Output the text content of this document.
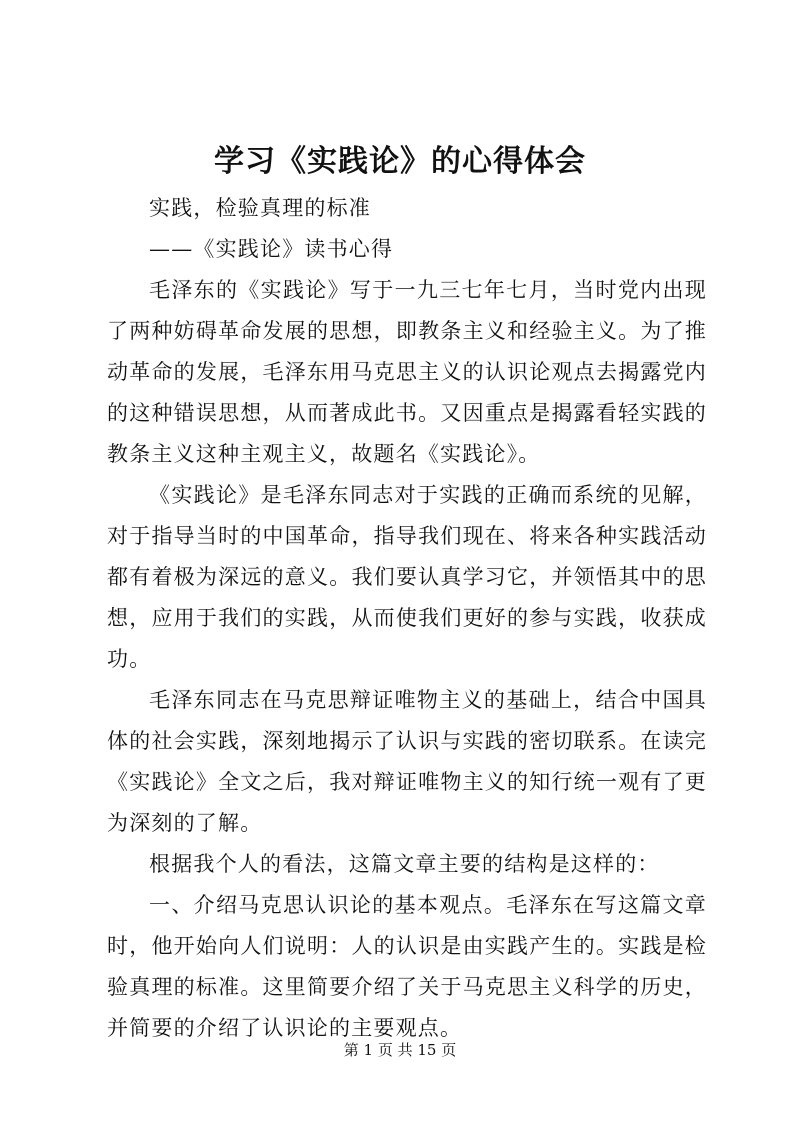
学习《实践论》的心得体会

实践，检验真理的标准

——《实践论》读书心得

毛泽东的《实践论》写于一九三七年七月，当时党内出现了两种妨碍革命发展的思想，即教条主义和经验主义。为了推动革命的发展，毛泽东用马克思主义的认识论观点去揭露党内的这种错误思想，从而著成此书。又因重点是揭露看轻实践的教条主义这种主观主义，故题名《实践论》。

《实践论》是毛泽东同志对于实践的正确而系统的见解，对于指导当时的中国革命，指导我们现在、将来各种实践活动都有着极为深远的意义。我们要认真学习它，并领悟其中的思想，应用于我们的实践，从而使我们更好的参与实践，收获成功。

毛泽东同志在马克思辩证唯物主义的基础上，结合中国具体的社会实践，深刻地揭示了认识与实践的密切联系。在读完《实践论》全文之后，我对辩证唯物主义的知行统一观有了更为深刻的了解。

根据我个人的看法，这篇文章主要的结构是这样的：

一、介绍马克思认识论的基本观点。毛泽东在写这篇文章时，他开始向人们说明：人的认识是由实践产生的。实践是检验真理的标准。这里简要介绍了关于马克思主义科学的历史，并简要的介绍了认识论的主要观点。

第 1 页 共 15 页
